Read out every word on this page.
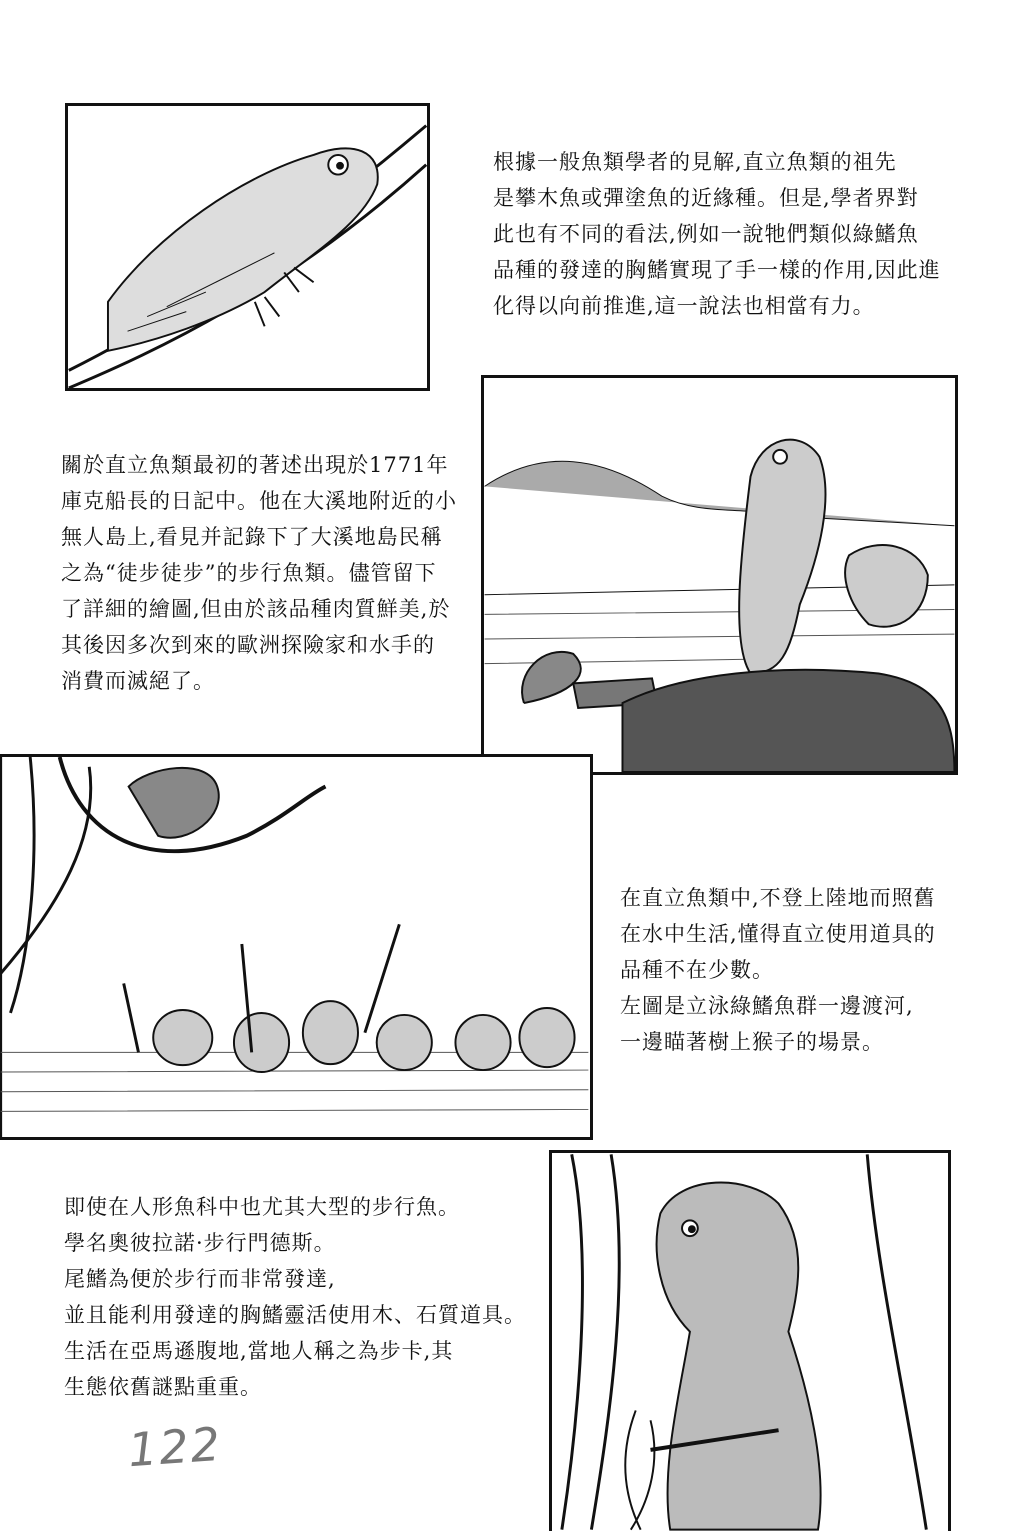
根據一般魚類學者的見解,直立魚類的祖先
是攀木魚或彈塗魚的近緣種。但是,學者界對
此也有不同的看法,例如一說牠們類似綠鰭魚
品種的發達的胸鰭實現了手一樣的作用,因此進
化得以向前推進,這一說法也相當有力。
關於直立魚類最初的著述出現於1771年
庫克船長的日記中。他在大溪地附近的小
無人島上,看見并記錄下了大溪地島民稱
之為“徒步徒步”的步行魚類。儘管留下
了詳細的繪圖,但由於該品種肉質鮮美,於
其後因多次到來的歐洲探險家和水手的
消費而滅絕了。
在直立魚類中,不登上陸地而照舊
在水中生活,懂得直立使用道具的
品種不在少數。
左圖是立泳綠鰭魚群一邊渡河,
一邊瞄著樹上猴子的場景。
即使在人形魚科中也尤其大型的步行魚。
學名奧彼拉諾·步行門德斯。
尾鰭為便於步行而非常發達,
並且能利用發達的胸鰭靈活使用木、石質道具。
生活在亞馬遜腹地,當地人稱之為步卡,其
生態依舊謎點重重。
122
